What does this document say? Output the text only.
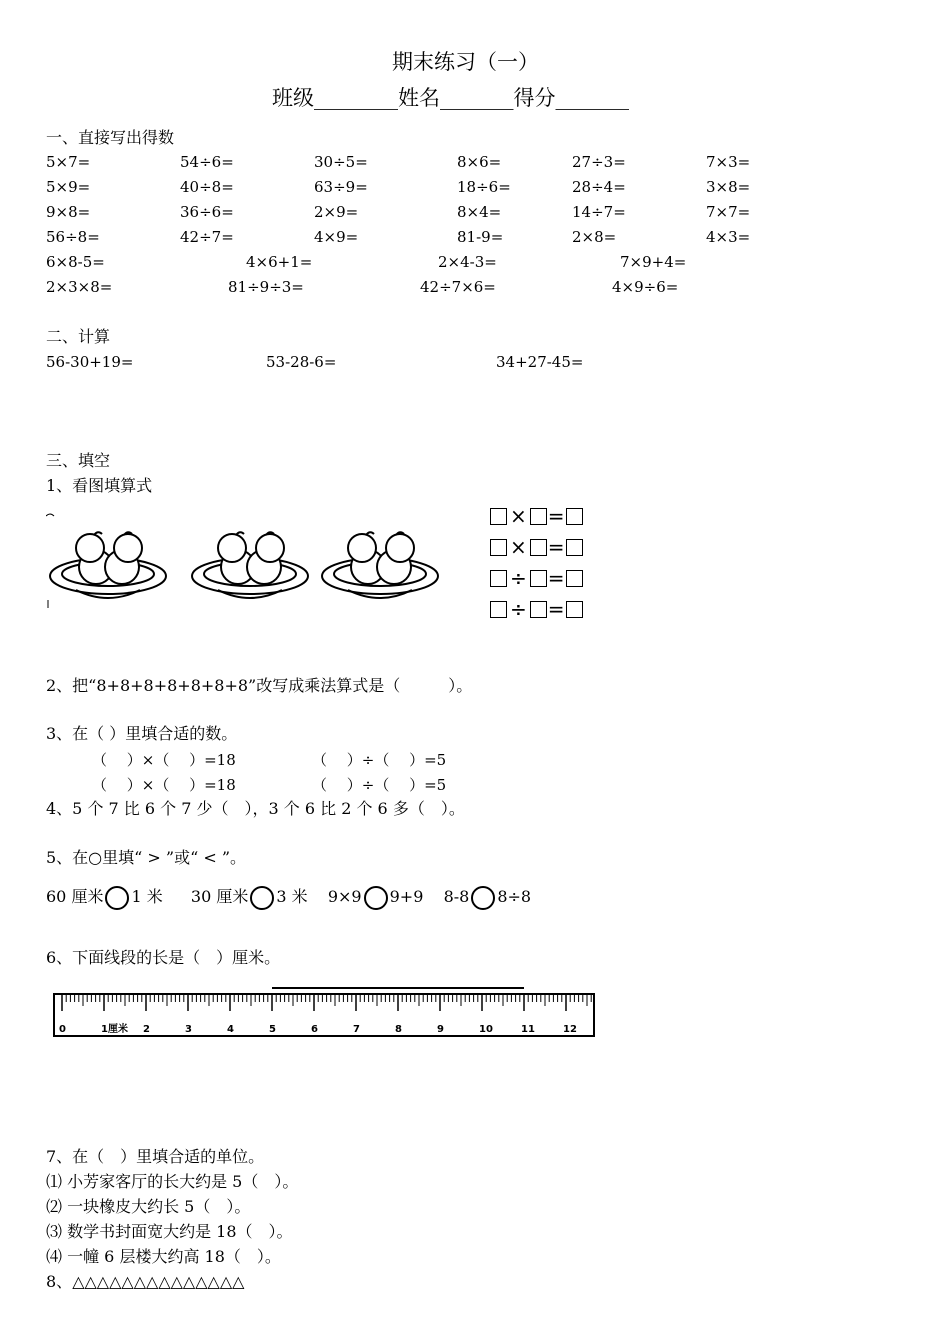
期末练习（一）
班级________姓名_______得分_______
一、直接写出得数
5×7=	54÷6=	30÷5=	8×6=	27÷3=	7×3=
5×9=	40÷8=	63÷9=	18÷6=	28÷4=	3×8=
9×8=	36÷6=	2×9=	8×4=	14÷7=	7×7=
56÷8=	42÷7=	4×9=	81-9=	2×8=	4×3=
6×8-5=	4×6+1=	2×4-3=	7×9+4=
2×3×8=	81÷9÷3=	42÷7×6=	4×9÷6=
二、计算
56-30+19=	53-28-6=	34+27-45=
三、填空
1、看图填算式
× =
× =
÷ =
÷ =
2、把“8+8+8+8+8+8+8”改写成乘法算式是（　　　）。
3、在（ ）里填合适的数。
（　 ）×（　 ）=18	（　 ）÷（　 ）=5
（　 ）×（　 ）=18	（　 ）÷（　 ）=5
4、5 个 7 比 6 个 7 少（　），3 个 6 比 2 个 6 多（　）。
5、在○里填“ > ”或“ < ”。
60 厘米 1 米 30 厘米 3 米 9×9 9+9 8-8 8÷8
6、下面线段的长是（　）厘米。
0	1厘米 2	3	4	5	6	7	8	9	10	11	12
7、在（　）里填合适的单位。
⑴ 小芳家客厅的长大约是 5（　）。
⑵ 一块橡皮大约长 5（　）。
⑶ 数学书封面宽大约是 18（　）。
⑷ 一幢 6 层楼大约高 18（　）。
8、△△△△△△△△△△△△△△
